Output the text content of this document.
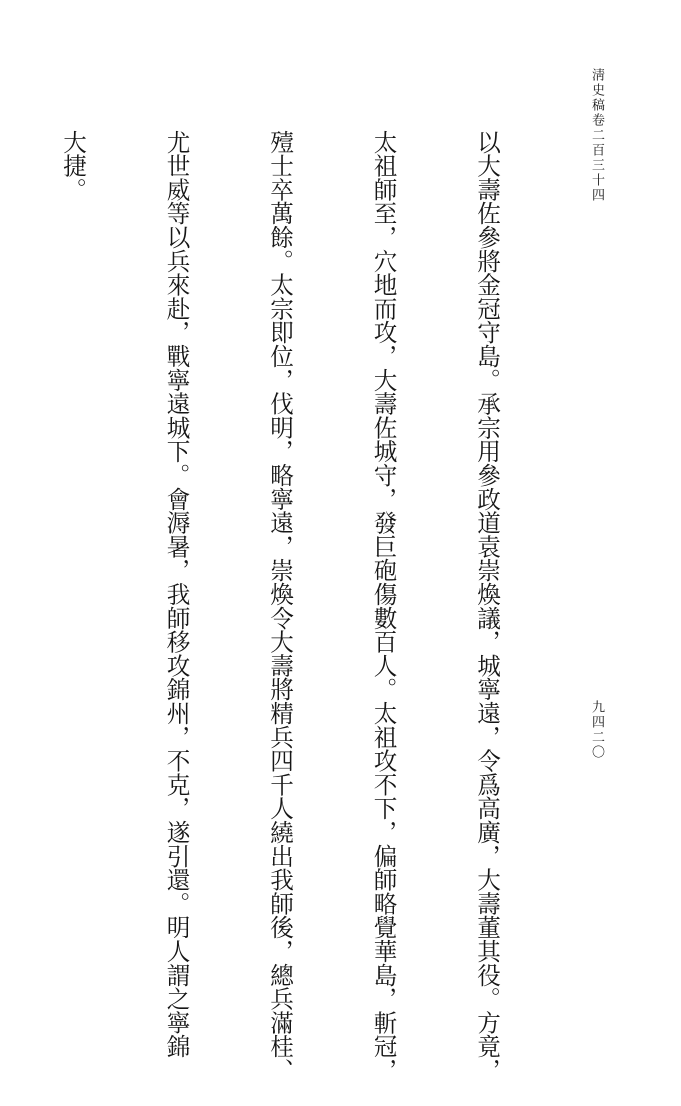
淸史稿卷二百三十四
九四二〇

以大壽佐參將金冠守島。承宗用參政道袁崇煥議，城寧遠，令爲高廣，大壽董其役。方竟，

太祖師至，穴地而攻，大壽佐城守，發巨砲傷數百人。太祖攻不下，偏師略覺華島，斬冠，

殪士卒萬餘。太宗即位，伐明，略寧遠，崇煥令大壽將精兵四千人繞出我師後，總兵滿桂、

尤世威等以兵來赴，戰寧遠城下。會溽暑，我師移攻錦州，不克，遂引還。明人謂之寧錦

大捷。
